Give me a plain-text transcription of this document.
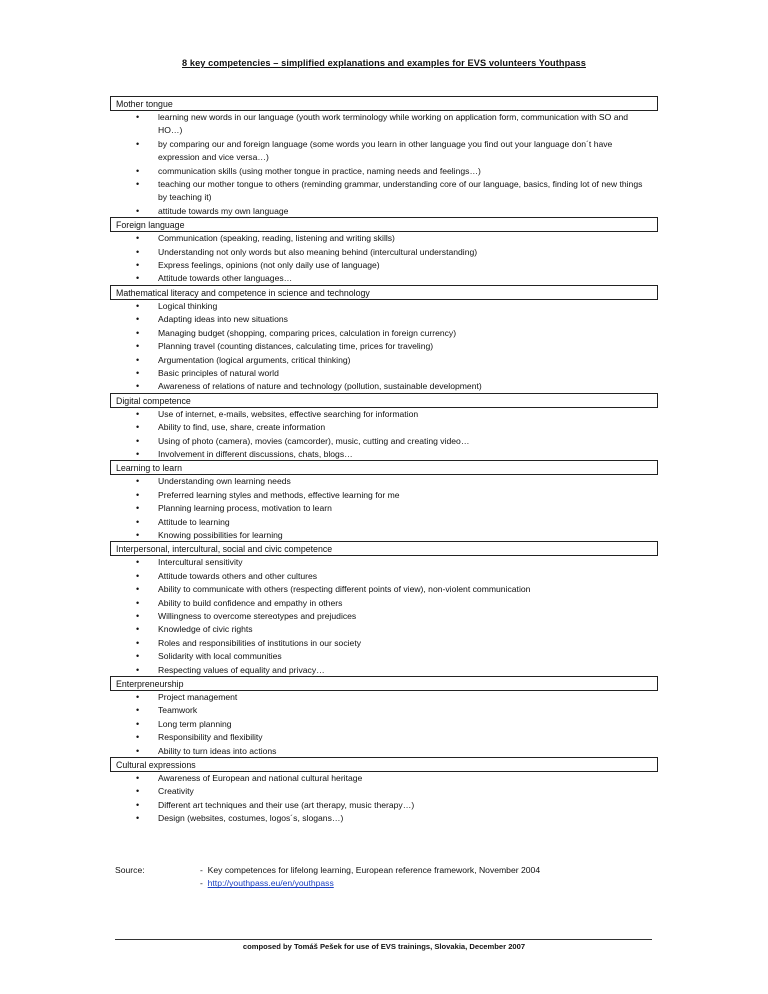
8 key competencies – simplified explanations and examples for EVS volunteers Youthpass
Mother tongue
• learning new words in our language (youth work terminology while working on application form, communication with SO and HO…)
• by comparing our and foreign language (some words you learn in other language you find out your language don´t have expression and vice versa…)
• communication skills (using mother tongue in practice, naming needs and feelings…)
• teaching our mother tongue to others (reminding grammar, understanding core of our language, basics, finding lot of new things by teaching it)
• attitude towards my own language
Foreign language
• Communication (speaking, reading, listening and writing skills)
• Understanding not only words but also meaning behind (intercultural understanding)
• Express feelings, opinions (not only daily use of language)
• Attitude towards other languages…
Mathematical literacy and competence in science and technology
• Logical thinking
• Adapting ideas into new situations
• Managing budget (shopping, comparing prices, calculation in foreign currency)
• Planning travel (counting distances, calculating time, prices for traveling)
• Argumentation (logical arguments, critical thinking)
• Basic principles of natural world
• Awareness of relations of nature and technology (pollution, sustainable development)
Digital competence
• Use of internet, e-mails, websites, effective searching for information
• Ability to find, use, share, create information
• Using of photo (camera), movies (camcorder), music, cutting and creating video…
• Involvement in different discussions, chats, blogs…
Learning to learn
• Understanding own learning needs
• Preferred learning styles and methods, effective learning for me
• Planning learning process, motivation to learn
• Attitude to learning
• Knowing possibilities for learning
Interpersonal, intercultural, social and civic competence
• Intercultural sensitivity
• Attitude towards others and other cultures
• Ability to communicate with others (respecting different points of view), non-violent communication
• Ability to build confidence and empathy in others
• Willingness to overcome stereotypes and prejudices
• Knowledge of civic rights
• Roles and responsibilities of institutions in our society
• Solidarity with local communities
• Respecting values of equality and privacy…
Enterpreneurship
• Project management
• Teamwork
• Long term planning
• Responsibility and flexibility
• Ability to turn ideas into actions
Cultural expressions
• Awareness of European and national cultural heritage
• Creativity
• Different art techniques and their use (art therapy, music therapy…)
• Design (websites, costumes, logos´s, slogans…)
Source:	-  Key competences for lifelong learning, European reference framework, November 2004
-  http://youthpass.eu/en/youthpass
composed by Tomáš Pešek for use of EVS trainings, Slovakia, December 2007
